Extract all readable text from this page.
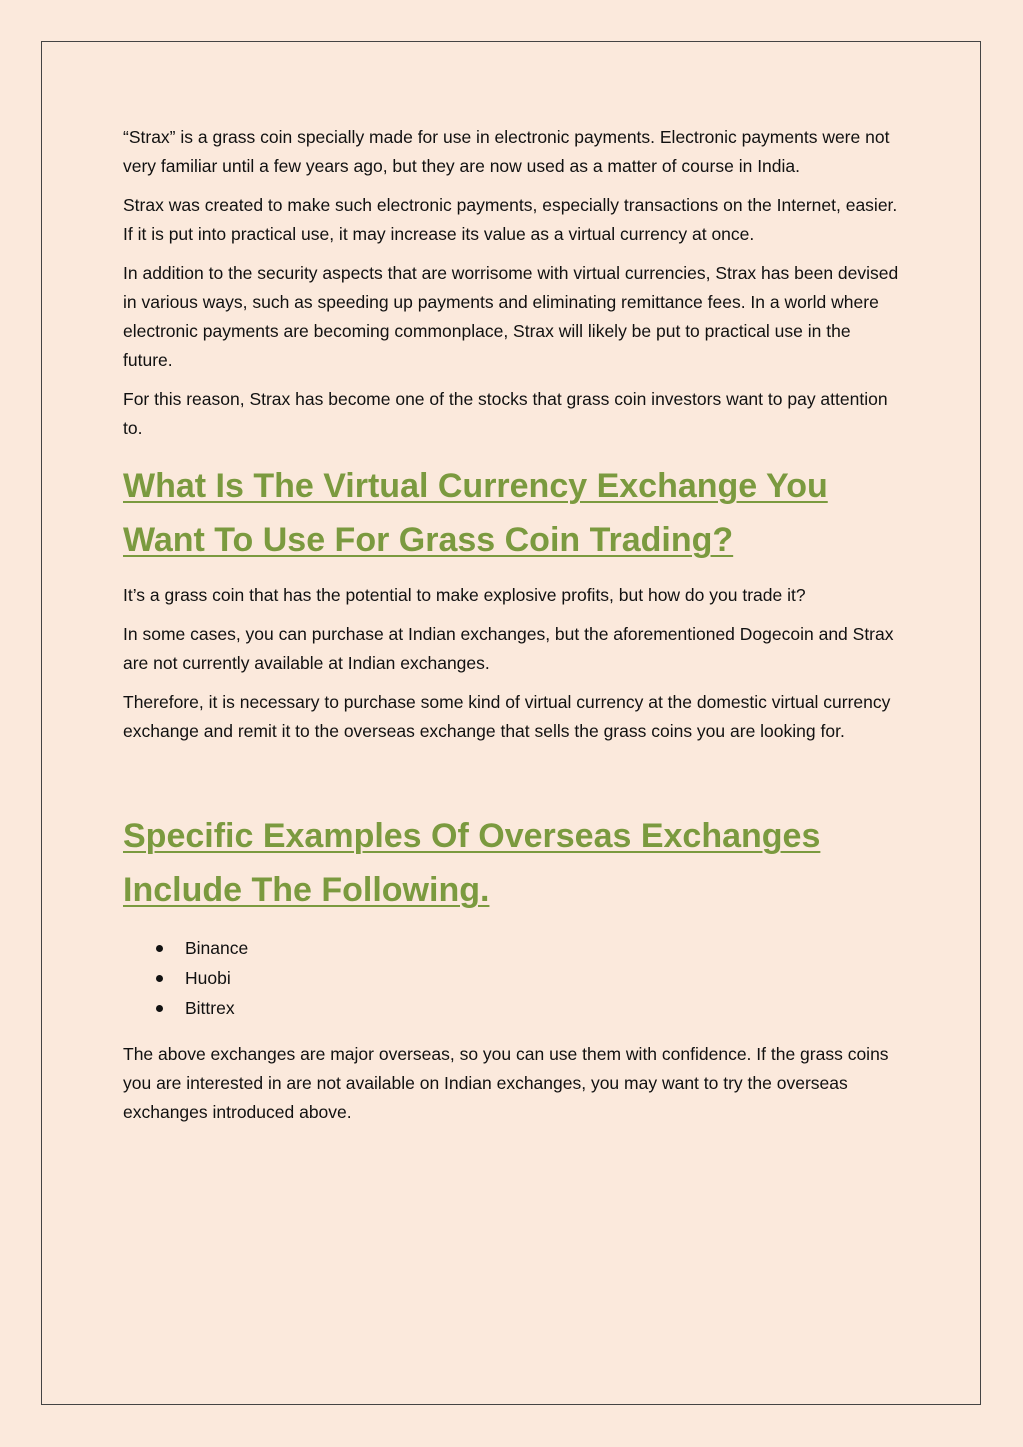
“Strax” is a grass coin specially made for use in electronic payments. Electronic payments were not very familiar until a few years ago, but they are now used as a matter of course in India.

Strax was created to make such electronic payments, especially transactions on the Internet, easier. If it is put into practical use, it may increase its value as a virtual currency at once.

In addition to the security aspects that are worrisome with virtual currencies, Strax has been devised in various ways, such as speeding up payments and eliminating remittance fees. In a world where electronic payments are becoming commonplace, Strax will likely be put to practical use in the future.

For this reason, Strax has become one of the stocks that grass coin investors want to pay attention to.

What Is The Virtual Currency Exchange You Want To Use For Grass Coin Trading?

It’s a grass coin that has the potential to make explosive profits, but how do you trade it?

In some cases, you can purchase at Indian exchanges, but the aforementioned Dogecoin and Strax are not currently available at Indian exchanges.

Therefore, it is necessary to purchase some kind of virtual currency at the domestic virtual currency exchange and remit it to the overseas exchange that sells the grass coins you are looking for.

Specific Examples Of Overseas Exchanges Include The Following.
Binance
Huobi
Bittrex

The above exchanges are major overseas, so you can use them with confidence. If the grass coins you are interested in are not available on Indian exchanges, you may want to try the overseas exchanges introduced above.
